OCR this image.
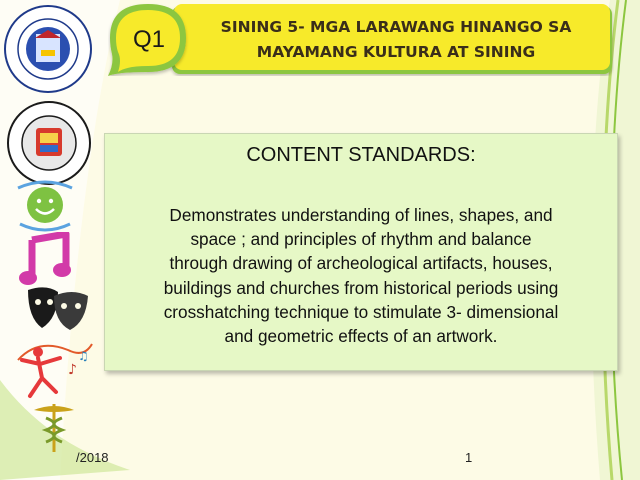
♪
♫
Q1	SINING 5- MGA LARAWANG HINANGO SA
MAYAMANG KULTURA AT SINING
CONTENT STANDARDS:
Demonstrates understanding of lines, shapes, and
space ; and principles of rhythm and balance
through drawing of archeological artifacts, houses,
buildings and churches from historical periods using
crosshatching technique to stimulate 3- dimensional
and geometric effects of an artwork.
/2018	1
